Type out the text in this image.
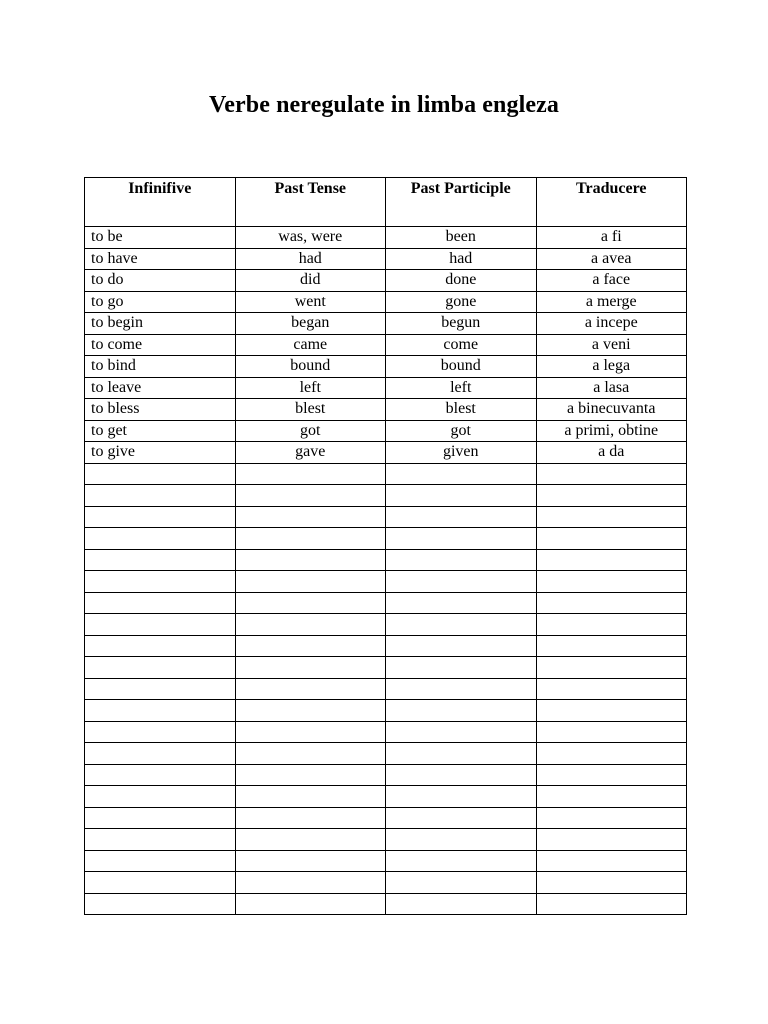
Verbe neregulate in limba engleza
Infinifive	Past Tense	Past Participle	Traducere
to be	was, were	been	a fi
to have	had	had	a avea
to do	did	done	a face
to go	went	gone	a merge
to begin	began	begun	a incepe
to come	came	come	a veni
to bind	bound	bound	a lega
to leave	left	left	a lasa
to bless	blest	blest	a binecuvanta
to get	got	got	a primi, obtine
to give	gave	given	a da
